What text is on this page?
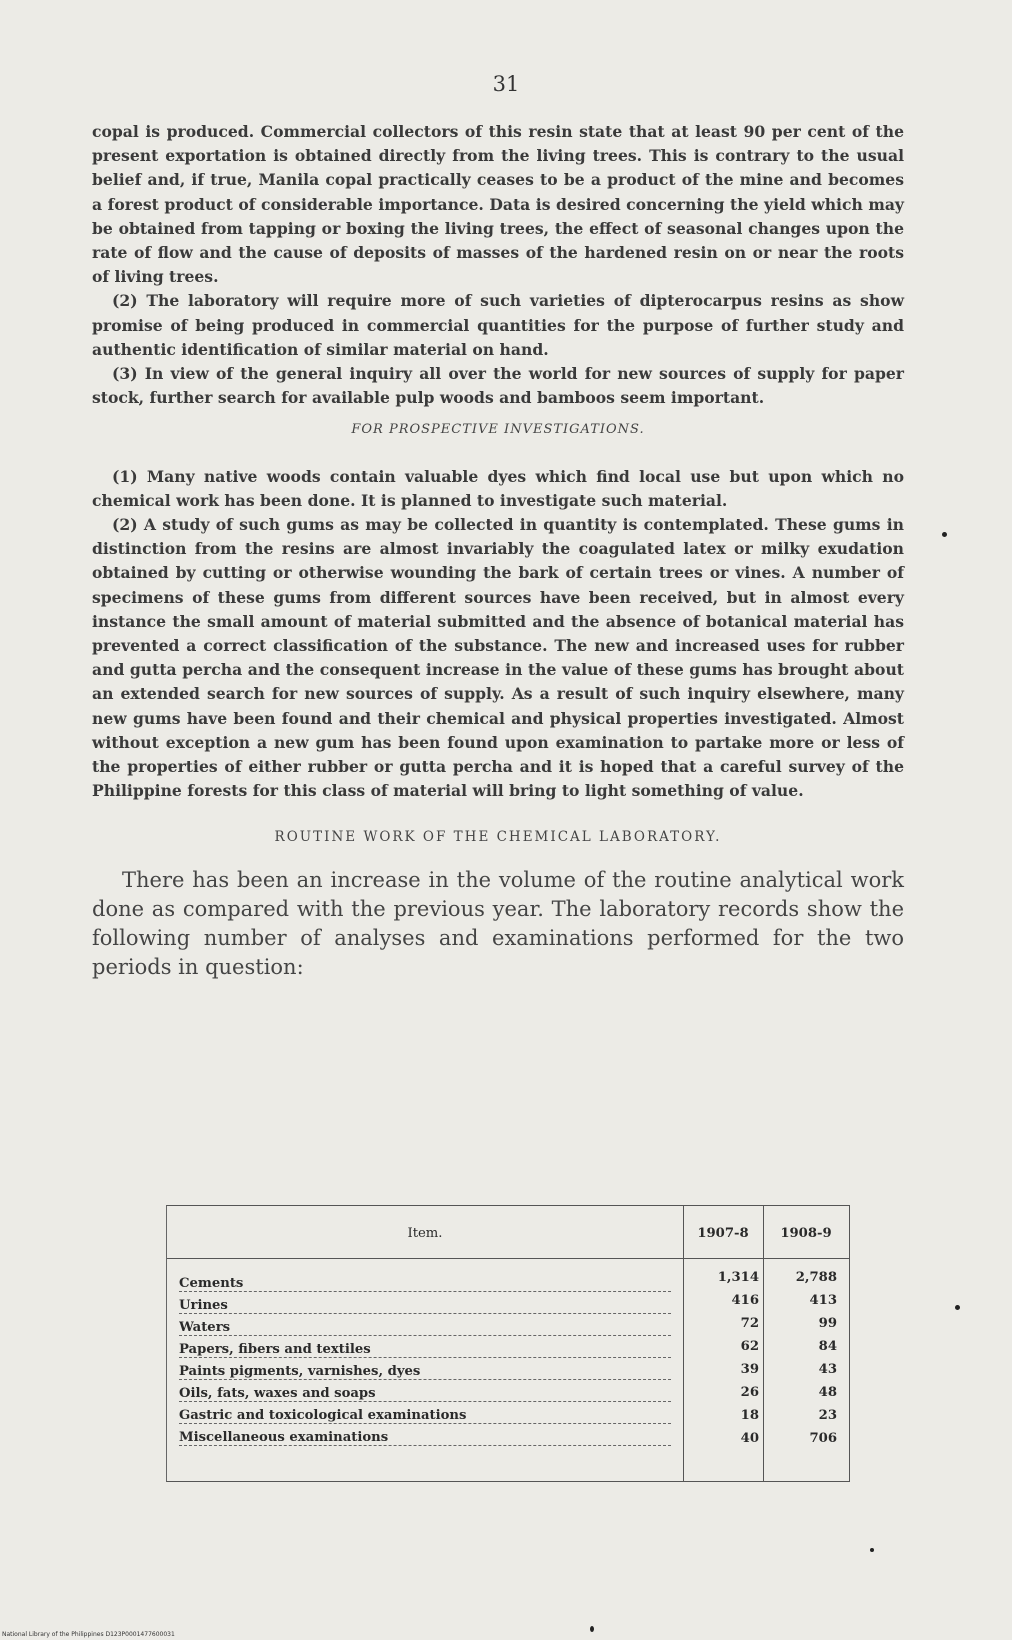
31

copal is produced. Commercial collectors of this resin state that at least 90 per cent of the present exportation is obtained directly from the living trees. This is contrary to the usual belief and, if true, Manila copal practically ceases to be a product of the mine and becomes a forest product of considerable importance. Data is desired concerning the yield which may be obtained from tapping or boxing the living trees, the effect of seasonal changes upon the rate of flow and the cause of deposits of masses of the hardened resin on or near the roots of living trees.

(2) The laboratory will require more of such varieties of dipterocarpus resins as show promise of being produced in commercial quantities for the purpose of further study and authentic identification of similar material on hand.

(3) In view of the general inquiry all over the world for new sources of supply for paper stock, further search for available pulp woods and bamboos seem important.

FOR PROSPECTIVE INVESTIGATIONS.

(1) Many native woods contain valuable dyes which find local use but upon which no chemical work has been done. It is planned to investigate such material.

(2) A study of such gums as may be collected in quantity is contemplated. These gums in distinction from the resins are almost invariably the coagulated latex or milky exudation obtained by cutting or otherwise wounding the bark of certain trees or vines. A number of specimens of these gums from different sources have been received, but in almost every instance the small amount of material submitted and the absence of botanical material has prevented a correct classification of the substance. The new and increased uses for rubber and gutta percha and the consequent increase in the value of these gums has brought about an extended search for new sources of supply. As a result of such inquiry elsewhere, many new gums have been found and their chemical and physical properties investigated. Almost without exception a new gum has been found upon examination to partake more or less of the properties of either rubber or gutta percha and it is hoped that a careful survey of the Philippine forests for this class of material will bring to light something of value.

ROUTINE WORK OF THE CHEMICAL LABORATORY.

There has been an increase in the volume of the routine analytical work done as compared with the previous year. The laboratory records show the following number of analyses and examinations performed for the two periods in question:

Item.	1907-8	1908-9
Cements	1,314	2,788
Urines	416	413
Waters	72	99
Papers, fibers and textiles	62	84
Paints pigments, varnishes, dyes	39	43
Oils, fats, waxes and soaps	26	48
Gastric and toxicological examinations	18	23
Miscellaneous examinations	40	706
National Library of the Philippines D123P0001477600031
